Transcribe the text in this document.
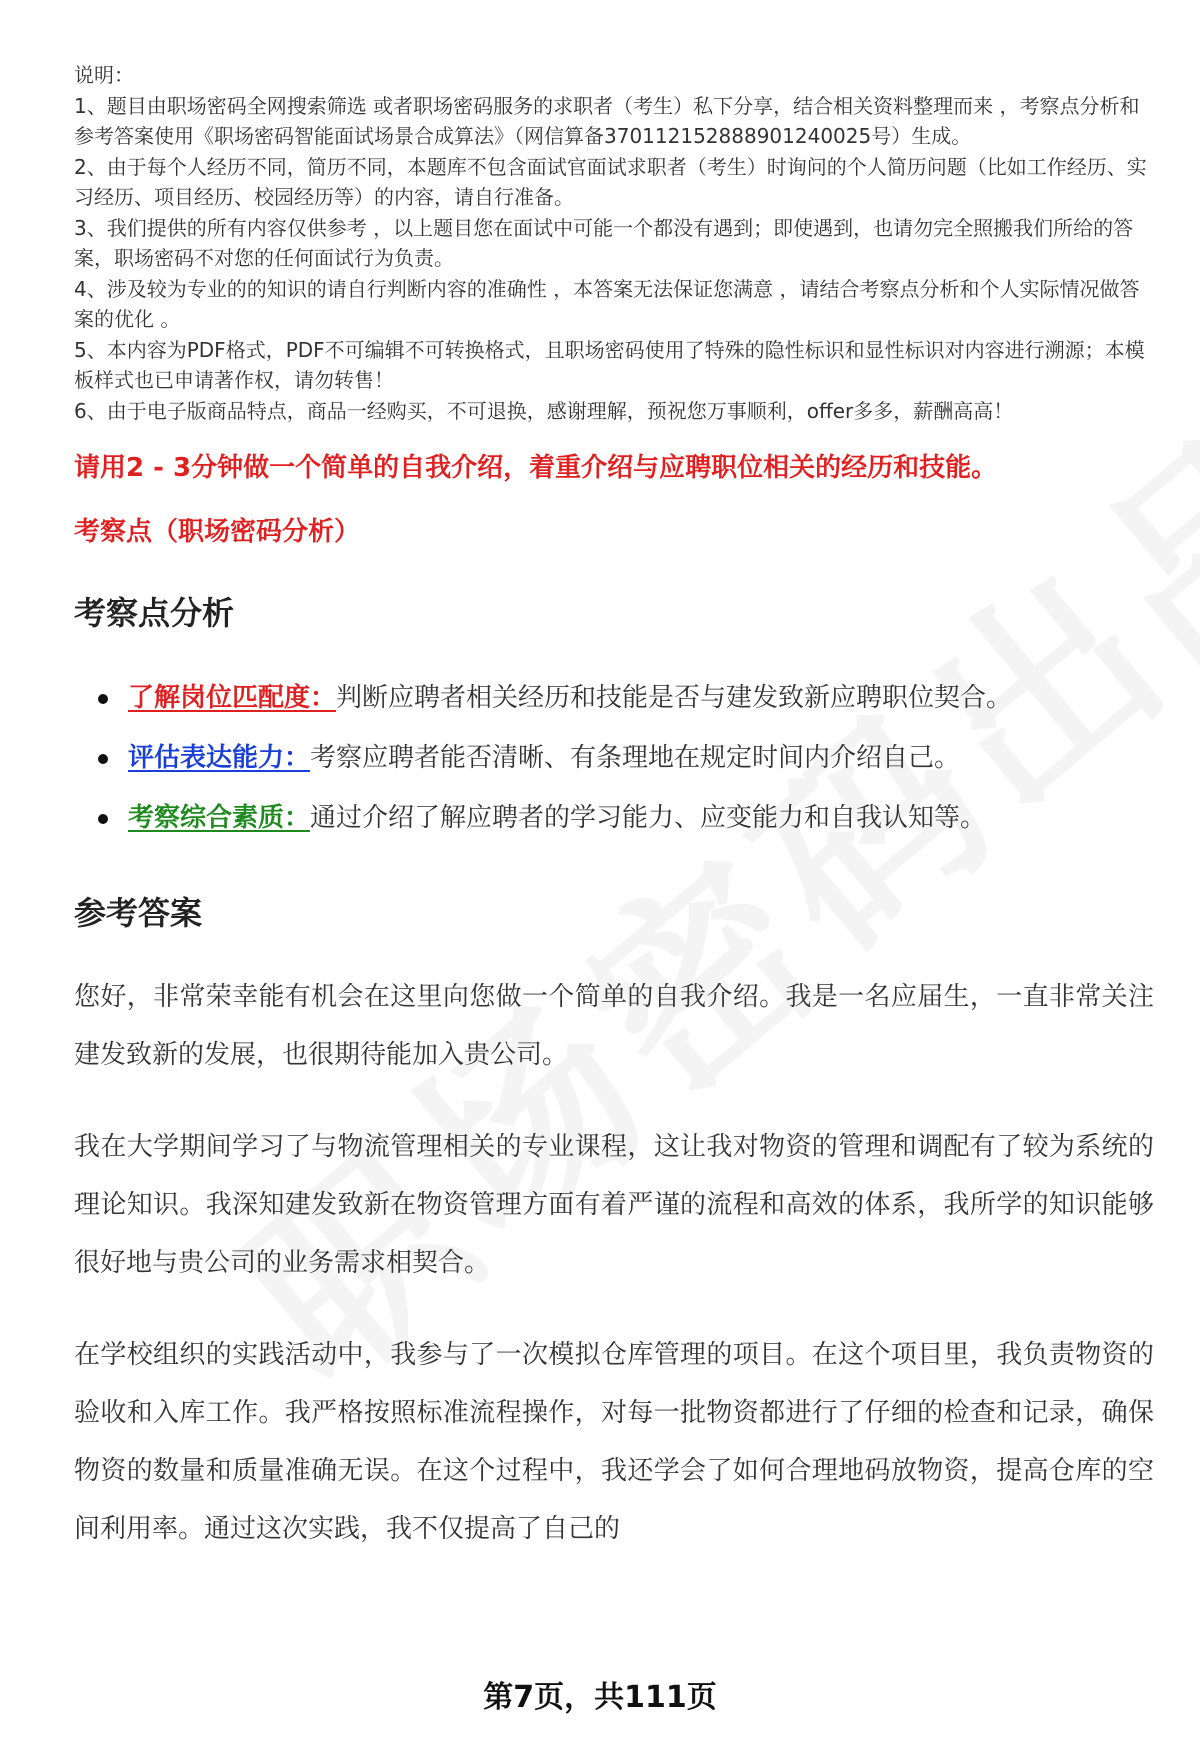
说明：

1、题目由职场密码全网搜索筛选 或者职场密码服务的求职者（考生）私下分享，结合相关资料整理而来 ，考察点分析和参考答案使用《职场密码智能面试场景合成算法》（网信算备370112152888901240025号）生成。

2、由于每个人经历不同，简历不同，本题库不包含面试官面试求职者（考生）时询问的个人简历问题（比如工作经历、实习经历、项目经历、校园经历等）的内容，请自行准备。

3、我们提供的所有内容仅供参考 ，以上题目您在面试中可能一个都没有遇到；即使遇到，也请勿完全照搬我们所给的答案，职场密码不对您的任何面试行为负责。

4、涉及较为专业的的知识的请自行判断内容的准确性 ，本答案无法保证您满意 ，请结合考察点分析和个人实际情况做答案的优化 。

5、本内容为PDF格式，PDF不可编辑不可转换格式，且职场密码使用了特殊的隐性标识和显性标识对内容进行溯源；本模板样式也已申请著作权，请勿转售！

6、由于电子版商品特点，商品一经购买，不可退换，感谢理解，预祝您万事顺利，offer多多，薪酬高高！

请用2 - 3分钟做一个简单的自我介绍，着重介绍与应聘职位相关的经历和技能。
考察点（职场密码分析）
考察点分析
了解岗位匹配度：判断应聘者相关经历和技能是否与建发致新应聘职位契合。
评估表达能力：考察应聘者能否清晰、有条理地在规定时间内介绍自己。
考察综合素质：通过介绍了解应聘者的学习能力、应变能力和自我认知等。
参考答案

您好，非常荣幸能有机会在这里向您做一个简单的自我介绍。我是一名应届生，一直非常关注建发致新的发展，也很期待能加入贵公司。

我在大学期间学习了与物流管理相关的专业课程，这让我对物资的管理和调配有了较为系统的理论知识。我深知建发致新在物资管理方面有着严谨的流程和高效的体系，我所学的知识能够很好地与贵公司的业务需求相契合。

在学校组织的实践活动中，我参与了一次模拟仓库管理的项目。在这个项目里，我负责物资的验收和入库工作。我严格按照标准流程操作，对每一批物资都进行了仔细的检查和记录，确保物资的数量和质量准确无误。在这个过程中，我还学会了如何合理地码放物资，提高仓库的空间利用率。通过这次实践，我不仅提高了自己的

第7页，共111页
